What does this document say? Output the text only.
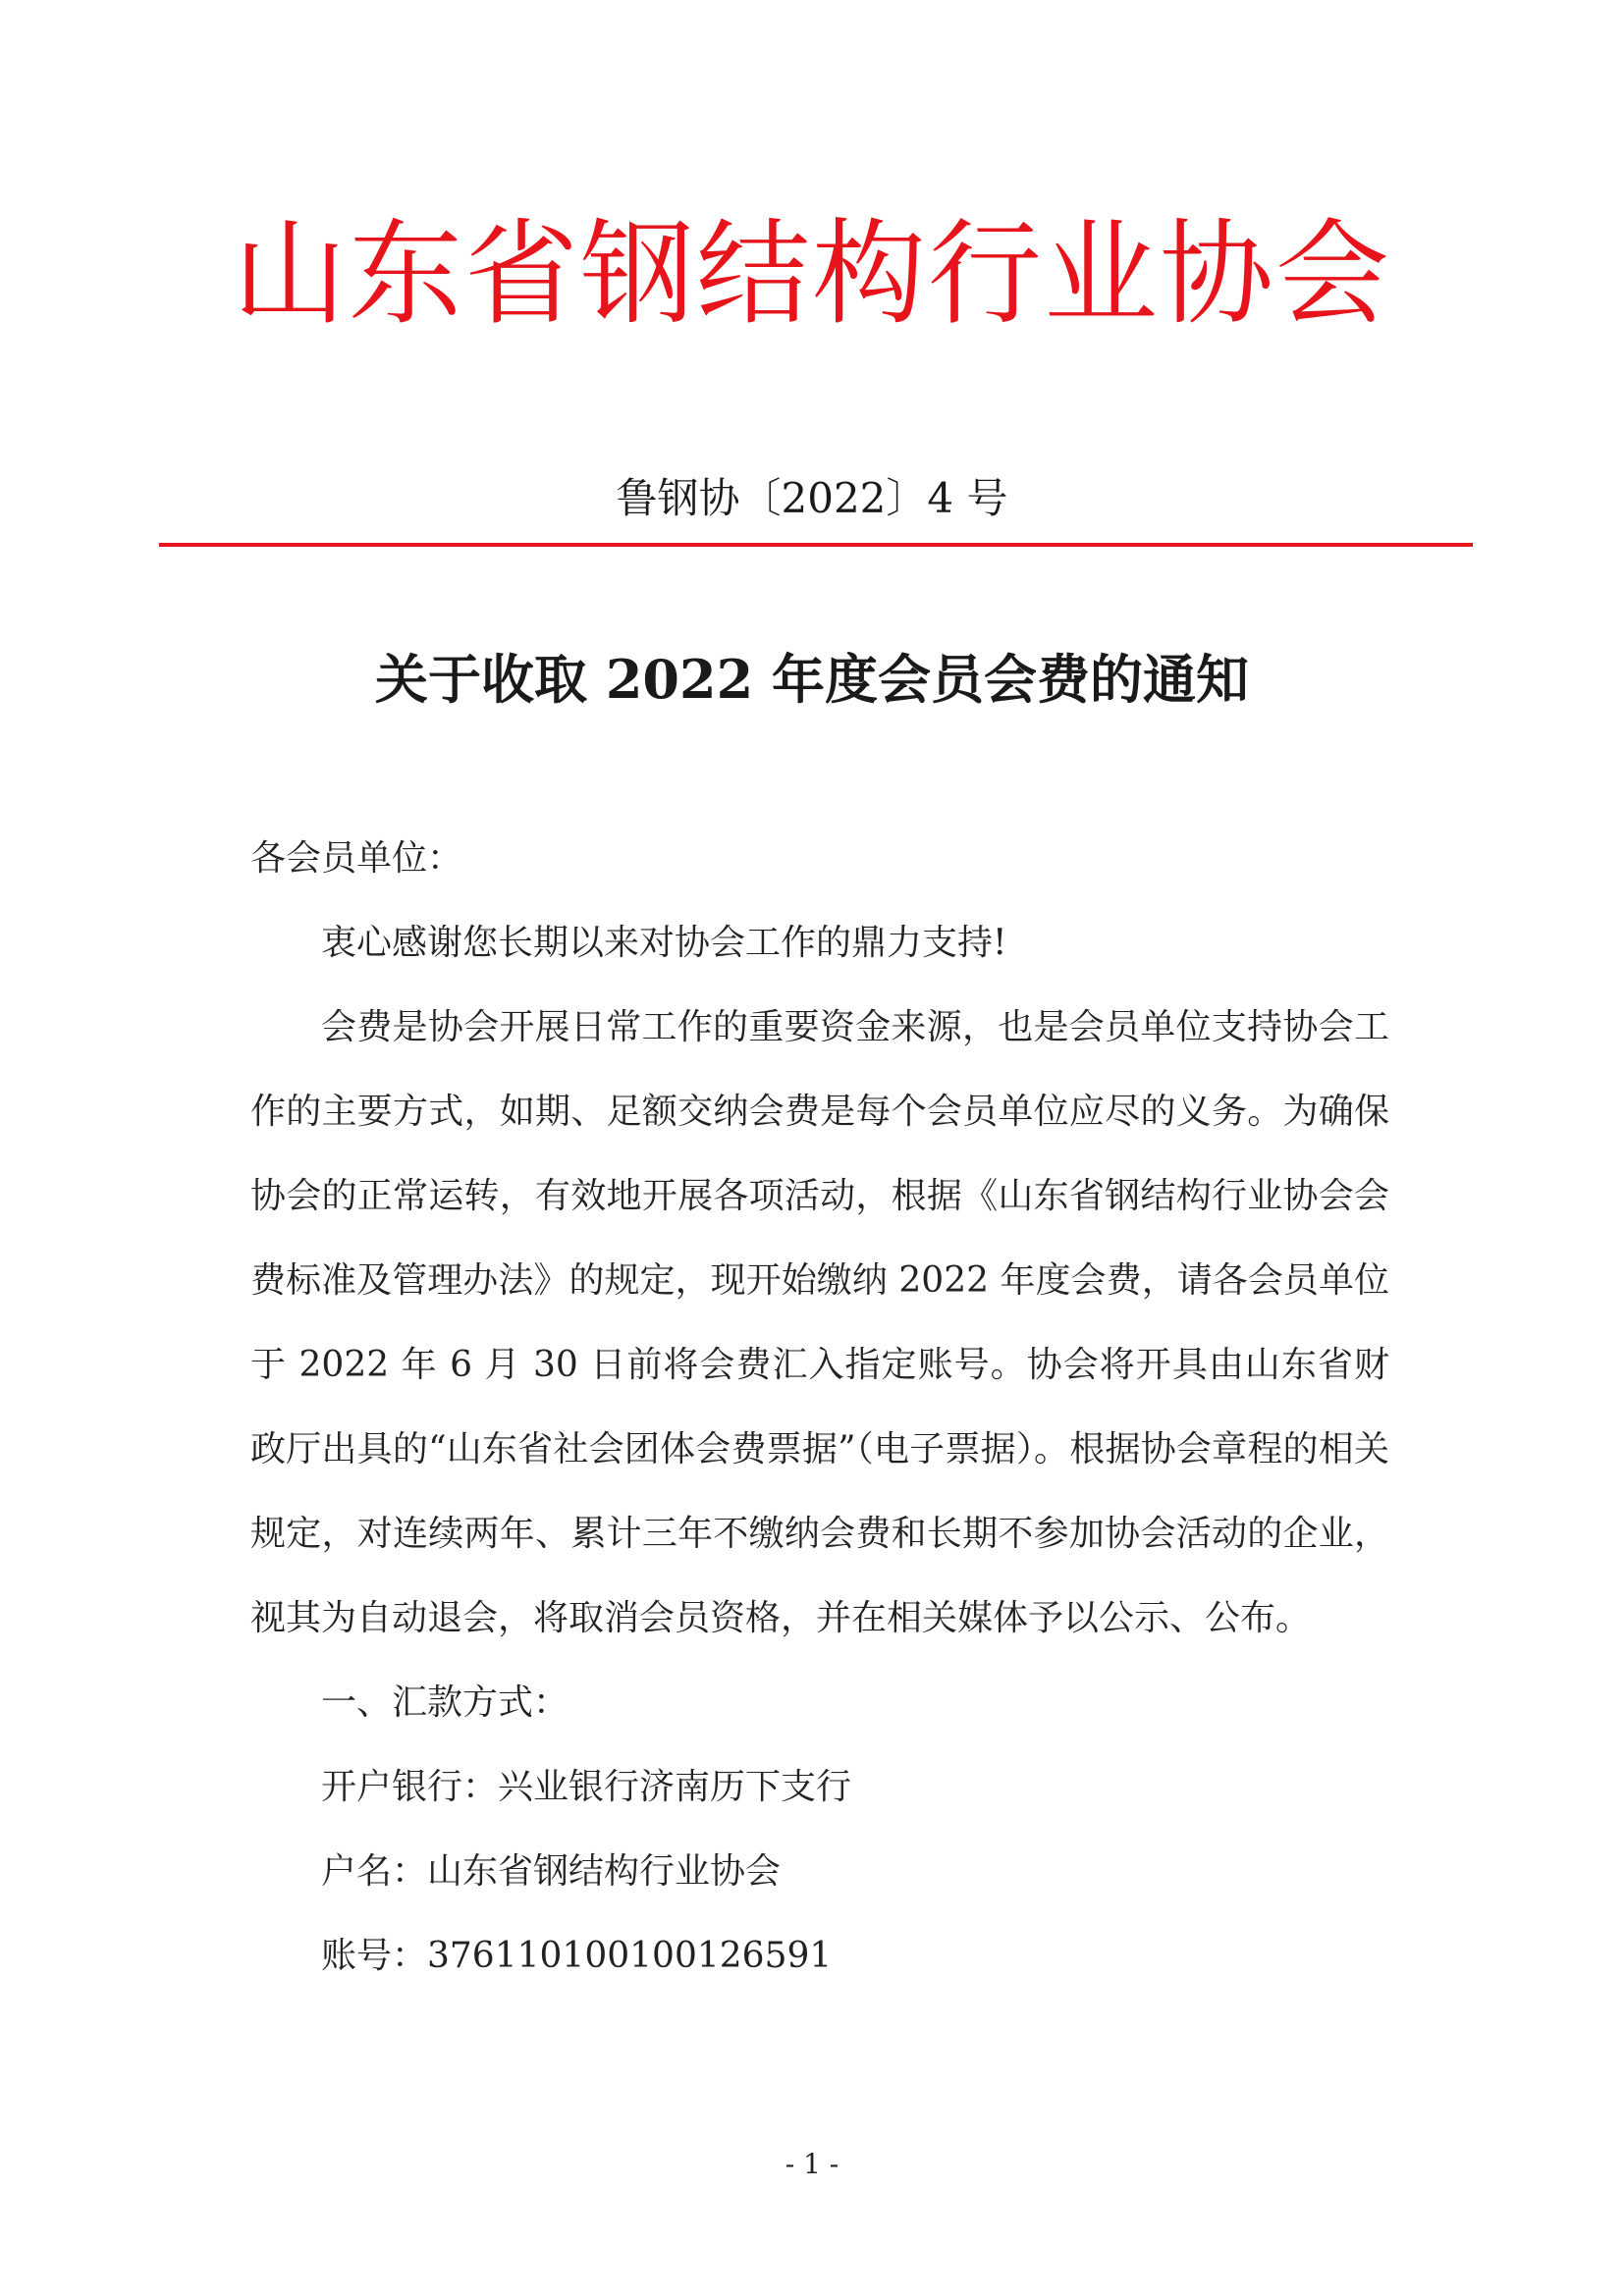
山东省钢结构行业协会
鲁钢协〔2022〕4 号
关于收取 2022 年度会员会费的通知

各会员单位：

衷心感谢您长期以来对协会工作的鼎力支持!

会费是协会开展日常工作的重要资金来源，也是会员单位支持协会工作的主要方式，如期、足额交纳会费是每个会员单位应尽的义务。为确保协会的正常运转，有效地开展各项活动，根据《山东省钢结构行业协会会费标准及管理办法》的规定，现开始缴纳 2022 年度会费，请各会员单位于 2022 年 6 月 30 日前将会费汇入指定账号。协会将开具由山东省财政厅出具的“山东省社会团体会费票据”（电子票据）。根据协会章程的相关规定，对连续两年、累计三年不缴纳会费和长期不参加协会活动的企业，视其为自动退会，将取消会员资格，并在相关媒体予以公示、公布。

一、汇款方式：

开户银行：兴业银行济南历下支行

户名：山东省钢结构行业协会

账号：376110100100126591

- 1 -
